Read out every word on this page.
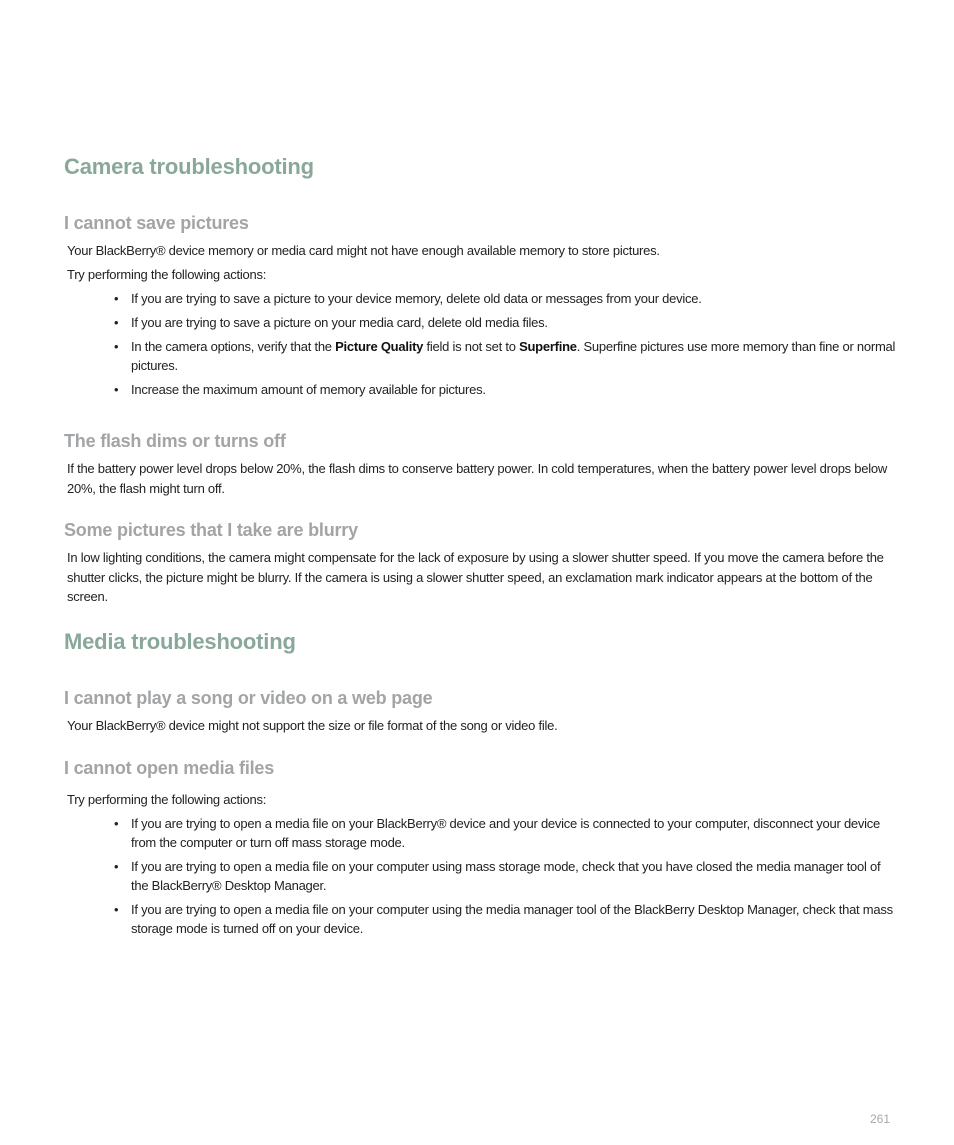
Camera troubleshooting
I cannot save pictures

Your BlackBerry® device memory or media card might not have enough available memory to store pictures.

Try performing the following actions:

• If you are trying to save a picture to your device memory, delete old data or messages from your device.

• If you are trying to save a picture on your media card, delete old media files.

• In the camera options, verify that the Picture Quality field is not set to Superfine. Superfine pictures use more memory than fine or normal pictures.

• Increase the maximum amount of memory available for pictures.

The flash dims or turns off

If the battery power level drops below 20%, the flash dims to conserve battery power. In cold temperatures, when the battery power level drops below 20%, the flash might turn off.

Some pictures that I take are blurry

In low lighting conditions, the camera might compensate for the lack of exposure by using a slower shutter speed. If you move the camera before the shutter clicks, the picture might be blurry. If the camera is using a slower shutter speed, an exclamation mark indicator appears at the bottom of the screen.

Media troubleshooting
I cannot play a song or video on a web page

Your BlackBerry® device might not support the size or file format of the song or video file.

I cannot open media files

Try performing the following actions:

• If you are trying to open a media file on your BlackBerry® device and your device is connected to your computer, disconnect your device from the computer or turn off mass storage mode.

• If you are trying to open a media file on your computer using mass storage mode, check that you have closed the media manager tool of the BlackBerry® Desktop Manager.

• If you are trying to open a media file on your computer using the media manager tool of the BlackBerry Desktop Manager, check that mass storage mode is turned off on your device.

261
